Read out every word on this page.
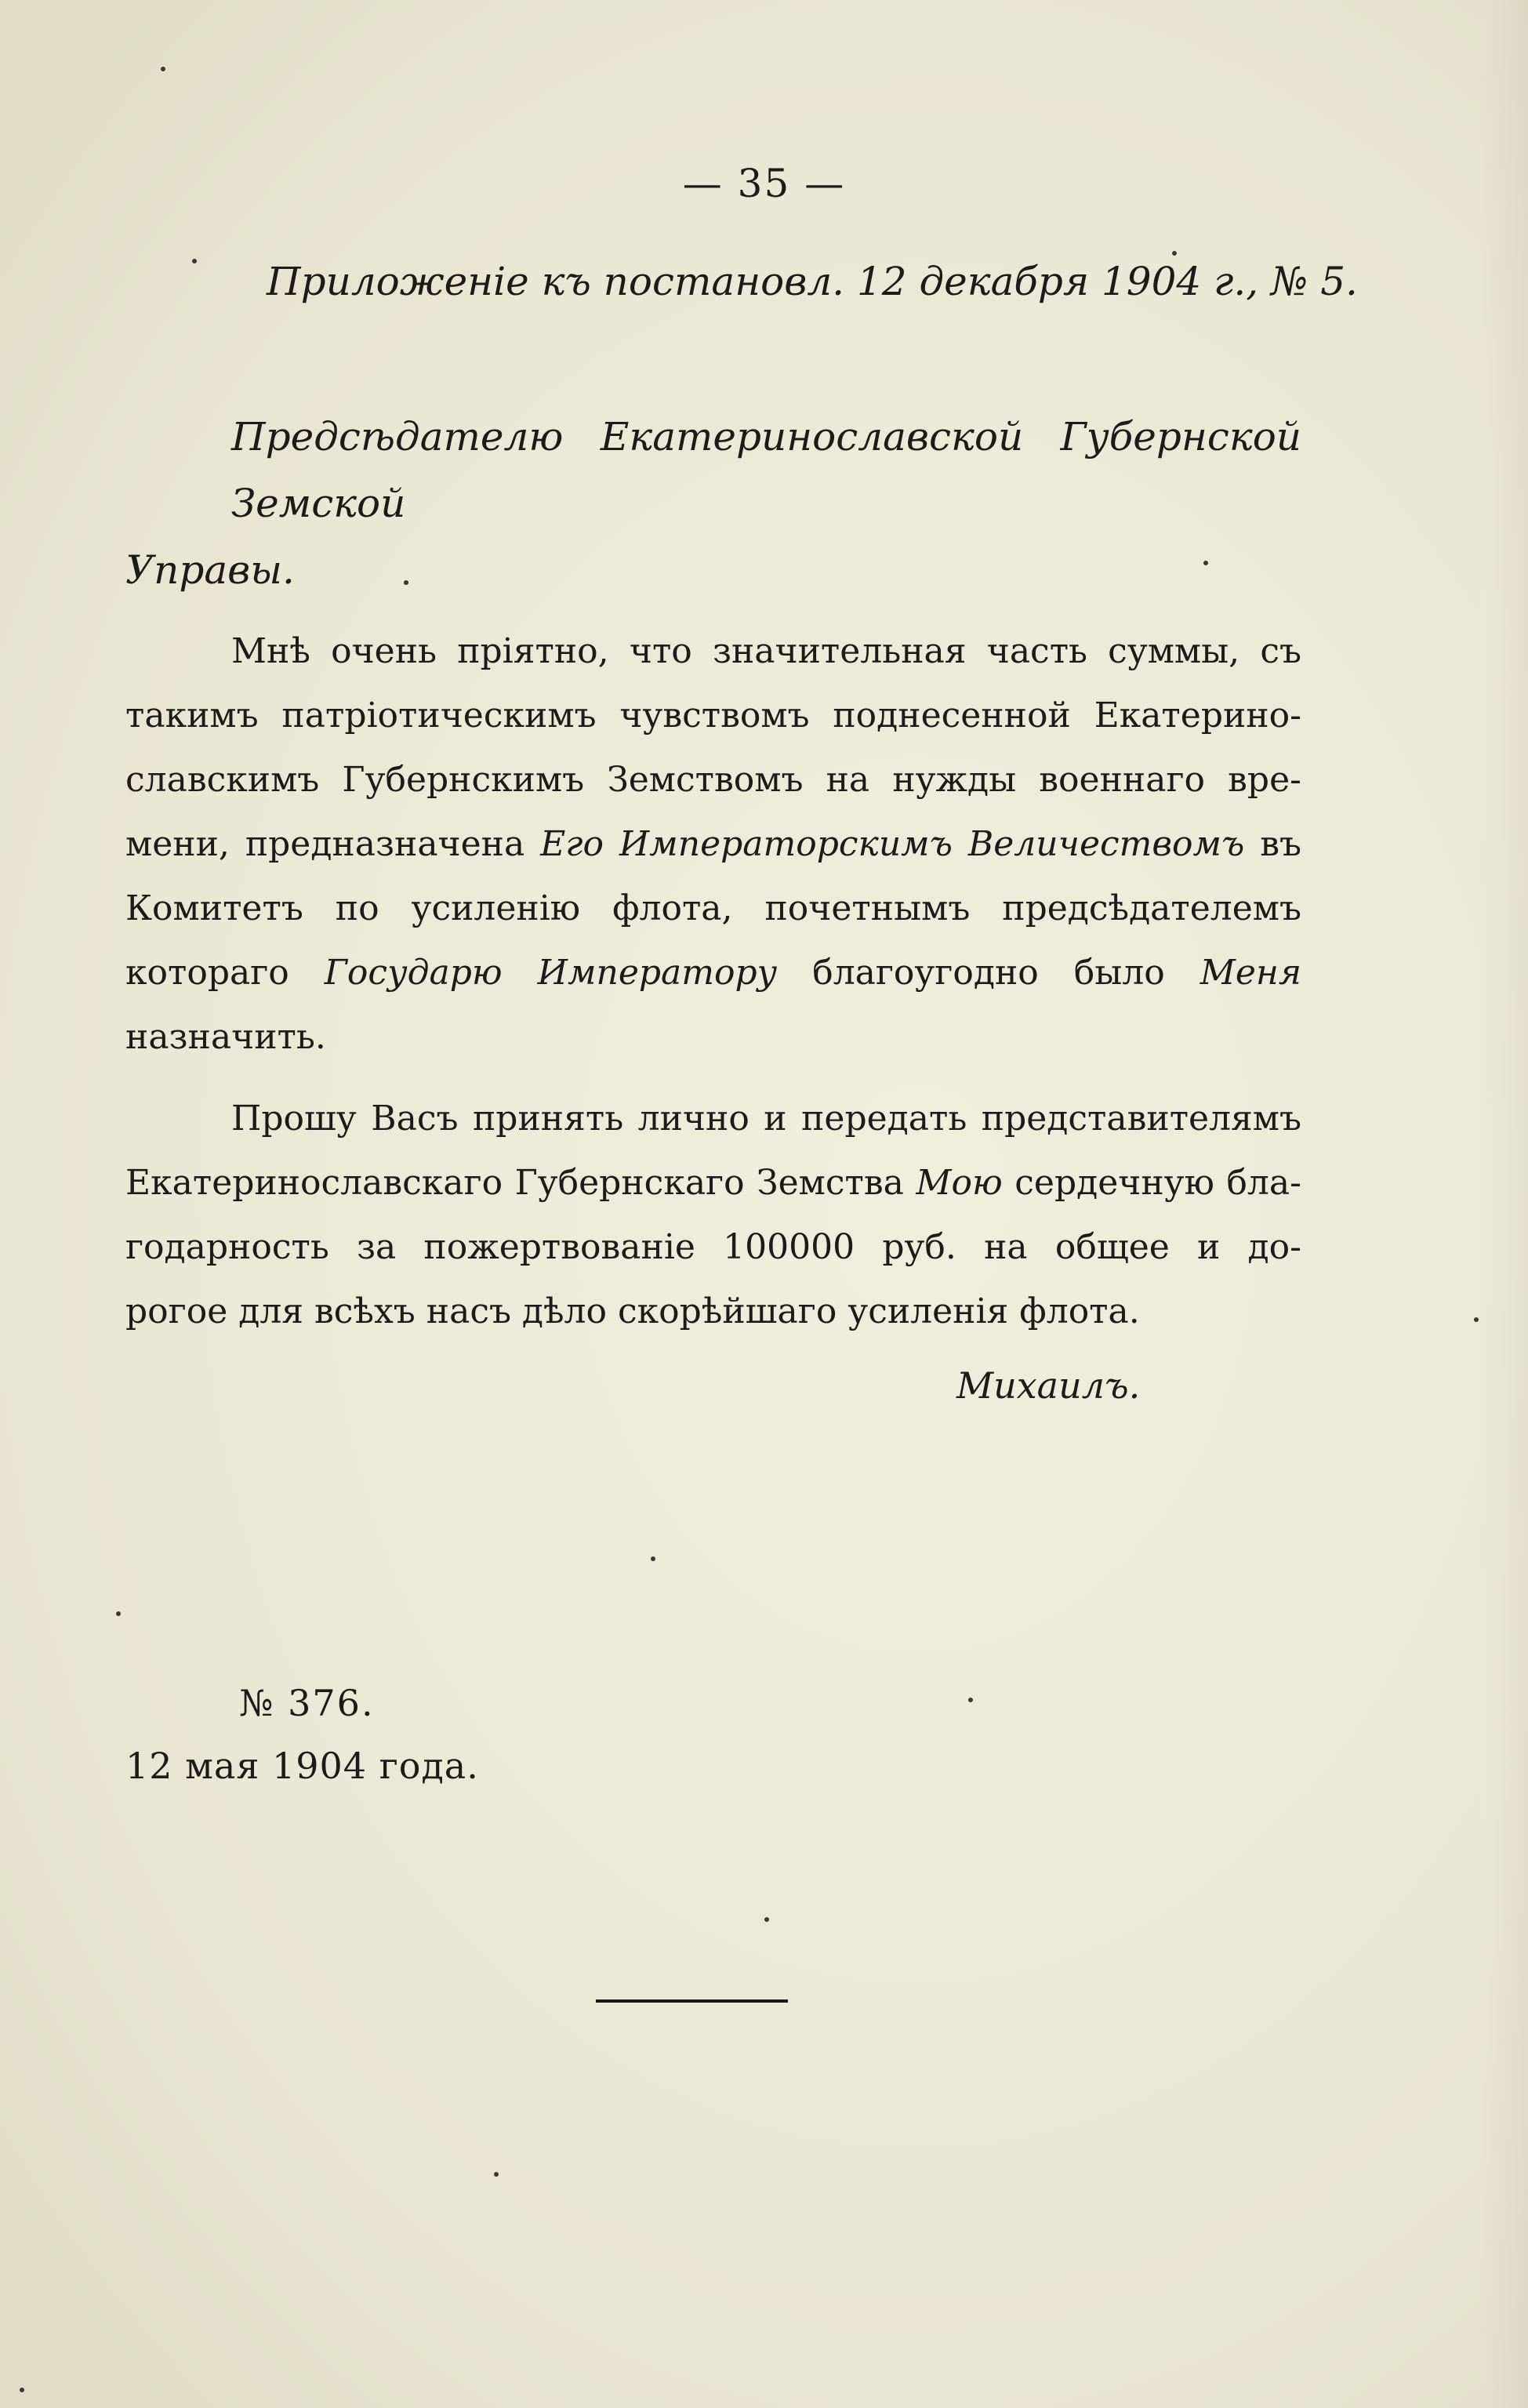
— 35 —
Приложеніе къ постановл. 12 декабря 1904 г., № 5.
Предсѣдателю Екатеринославской Губернской Земской
Управы.
Мнѣ очень пріятно, что значительная часть суммы, съ
такимъ патріотическимъ чувствомъ поднесенной Екатерино-
славскимъ Губернскимъ Земствомъ на нужды военнаго вре-
мени, предназначена Его Императорскимъ Величествомъ въ
Комитетъ по усиленію флота, почетнымъ предсѣдателемъ
котораго Государю Императору благоугодно было Меня
назначить.
Прошу Васъ принять лично и передать представителямъ
Екатеринославскаго Губернскаго Земства Мою сердечную бла-
годарность за пожертвованіе 100000 руб. на общее и до-
рогое для всѣхъ насъ дѣло скорѣйшаго усиленія флота.
Михаилъ.
№ 376.
12 мая 1904 года.
